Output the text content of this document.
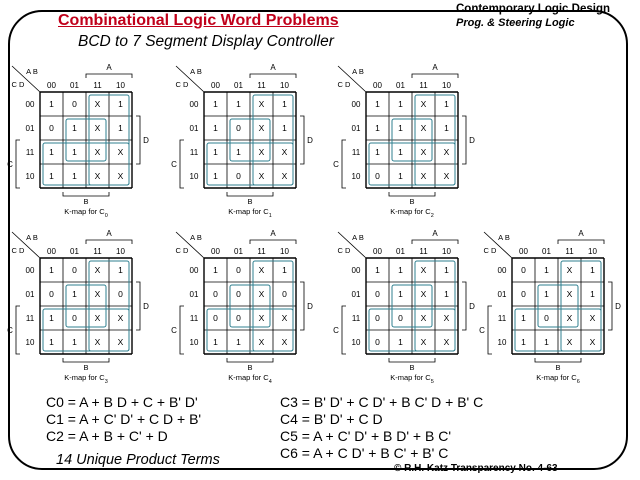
Combinational Logic Word Problems
BCD to 7 Segment Display Controller
Contemporary Logic Design
Prog. & Steering Logic
A B
C D	00 01 11 10
00
01
11
10
1 0 X 1
0 1 X 1
1 1 X X
1 1 X X
A
D
C
B
K-map for $C_0$
A B
C D	00 01 11 10
00
01
11
10
1 1 X 1
1 0 X 1
1 1 X X
1 0 X X
A
D
C
B
K-map for $C_1$
A B
C D	00 01 11 10
00
01
11
10
1 1 X 1
1 1 X 1
1 1 X X
0 1 X X
A
D
C
B
K-map for $C_2$
A B
C D	00 01 11 10
00
01
11
10
1 0 X 1
0 1 X 0
1 0 X X
1 1 X X
A
D
C
B
K-map for $C_3$
A B
C D	00 01 11 10
00
01
11
10
1 0 X 1
0 0 X 0
0 0 X X
1 1 X X
A
D
C
B
K-map for $C_4$
A B
C D	00 01 11 10
00
01
11
10
1 1 X 1
0 1 X 1
0 0 X X
0 1 X X
A
D
C
B
K-map for $C_5$
A B
C D	00 01 11 10
00
01
11
10
0 1 X 1
0 1 X 1
1 0 X X
1 1 X X
A
D
C
B
K-map for $C_6$
C0 = A + B D + C + B' D'
C1 = A + C' D' + C D + B'
C2 = A + B + C' + D
C3 = B' D' + C D' + B C' D + B' C
C4 = B' D' + C D
C5 = A + C' D' + B D' + B C'
C6 = A + C D' + B C' + B' C
14 Unique Product Terms
© R.H. Katz Transparency No. 4-63
